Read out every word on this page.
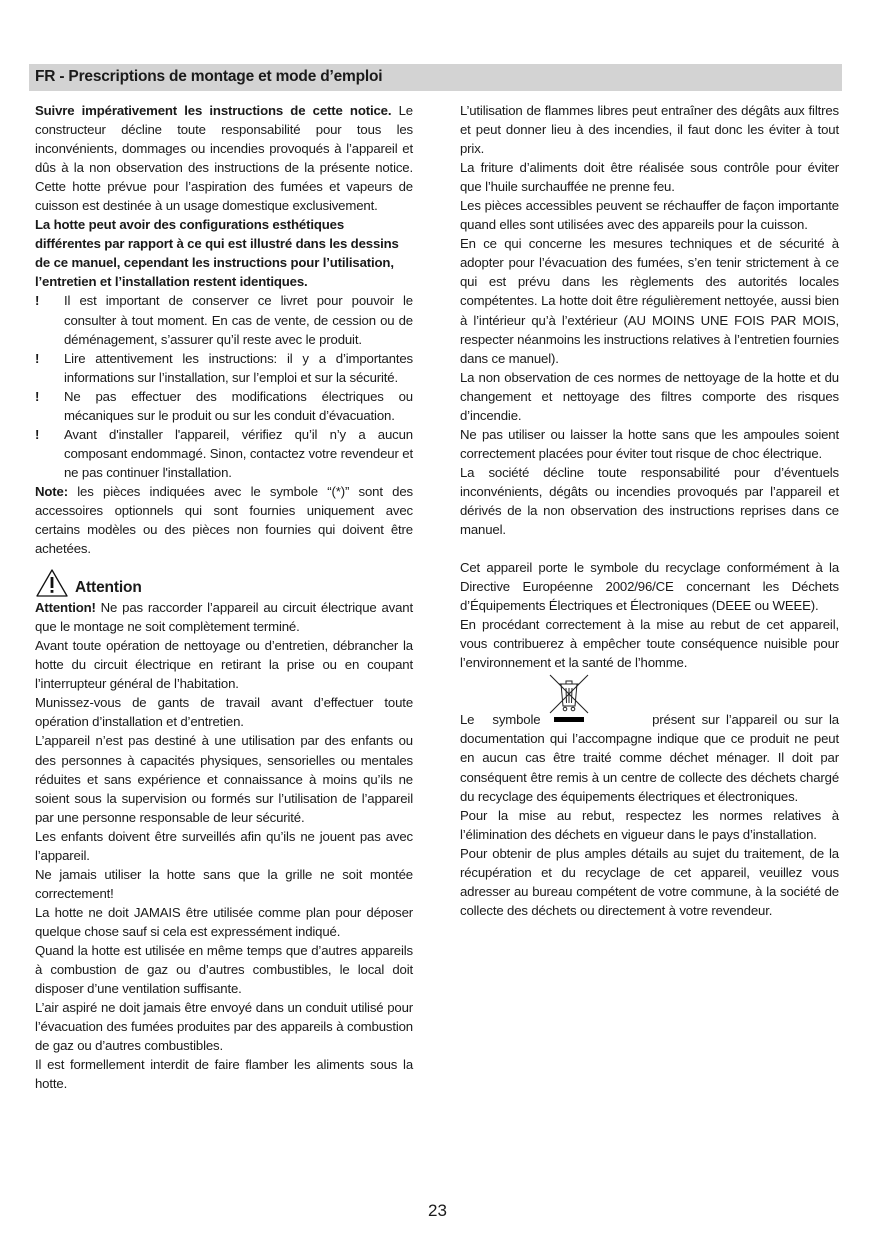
FR - Prescriptions de montage et mode d’emploi

Suivre impérativement les instructions de cette notice. Le constructeur décline toute responsabilité pour tous les inconvénients, dommages ou incendies provoqués à l’appareil et dûs à la non observation des instructions de la présente notice. Cette hotte prévue pour l’aspiration des fumées et vapeurs de cuisson est destinée à un usage domestique exclusivement.

La hotte peut avoir des configurations esthétiques différentes par rapport à ce qui est illustré dans les dessins de ce manuel, cependant les instructions pour l’utilisation, l’entretien et l’installation restent identiques.

!	Il est important de conserver ce livret pour pouvoir le consulter à tout moment. En cas de vente, de cession ou de déménagement, s’assurer qu’il reste avec le produit.
!	Lire attentivement les instructions: il y a d’importantes informations sur l’installation, sur l’emploi et sur la sécurité.
!	Ne pas effectuer des modifications électriques ou mécaniques sur le produit ou sur les conduit d’évacuation.
!	Avant d'installer l'appareil, vérifiez qu’il n’y a aucun composant endommagé. Sinon, contactez votre revendeur et ne pas continuer l'installation.

Note: les pièces indiquées avec le symbole “(*)” sont des accessoires optionnels qui sont fournies uniquement avec certains modèles ou des pièces non fournies qui doivent être achetées.

Attention

Attention! Ne pas raccorder l’appareil au circuit électrique avant que le montage ne soit complètement terminé.

Avant toute opération de nettoyage ou d’entretien, débrancher la hotte du circuit électrique en retirant la prise ou en coupant l’interrupteur général de l’habitation.

Munissez-vous de gants de travail avant d’effectuer toute opération d’installation et d’entretien.

L’appareil n’est pas destiné à une utilisation par des enfants ou des personnes à capacités physiques, sensorielles ou mentales réduites et sans expérience et connaissance à moins qu’ils ne soient sous la supervision ou formés sur l’utilisation de l’appareil par une personne responsable de leur sécurité.

Les enfants doivent être surveillés afin qu’ils ne jouent pas avec l’appareil.

Ne jamais utiliser la hotte sans que la grille ne soit montée correctement!

La hotte ne doit JAMAIS être utilisée comme plan pour déposer quelque chose sauf si cela est expressément indiqué.

Quand la hotte est utilisée en même temps que d’autres appareils à combustion de gaz ou d’autres combustibles, le local doit disposer d’une ventilation suffisante.

L’air aspiré ne doit jamais être envoyé dans un conduit utilisé pour l’évacuation des fumées produites par des appareils à combustion de gaz ou d’autres combustibles.

Il est formellement interdit de faire flamber les aliments sous la hotte.

L’utilisation de flammes libres peut entraîner des dégâts aux filtres et peut donner lieu à des incendies, il faut donc les éviter à tout prix.

La friture d’aliments doit être réalisée sous contrôle pour éviter que l’huile surchauffée ne prenne feu.

Les pièces accessibles peuvent se réchauffer de façon importante quand elles sont utilisées avec des appareils pour la cuisson.

En ce qui concerne les mesures techniques et de sécurité à adopter pour l’évacuation des fumées, s’en tenir strictement à ce qui est prévu dans les règlements des autorités locales compétentes. La hotte doit être régulièrement nettoyée, aussi bien à l’intérieur qu’à l’extérieur (AU MOINS UNE FOIS PAR MOIS, respecter néanmoins les instructions relatives à l’entretien fournies dans ce manuel).

La non observation de ces normes de nettoyage de la hotte et du changement et nettoyage des filtres comporte des risques d’incendie.

Ne pas utiliser ou laisser la hotte sans que les ampoules soient correctement placées pour éviter tout risque de choc électrique.

La société décline toute responsabilité pour d’éventuels inconvénients, dégâts ou incendies provoqués par l’appareil et dérivés de la non observation des instructions reprises dans ce manuel.

Cet appareil porte le symbole du recyclage conformément à la Directive Européenne 2002/96/CE concernant les Déchets d’Équipements Électriques et Électroniques (DEEE ou WEEE).

En procédant correctement à la mise au rebut de cet appareil, vous contribuerez à empêcher toute conséquence nuisible pour l’environnement et la santé de l’homme.

Le symbole	présent sur l’appareil ou sur la

documentation qui l’accompagne indique que ce produit ne peut en aucun cas être traité comme déchet ménager. Il doit par conséquent être remis à un centre de collecte des déchets chargé du recyclage des équipements électriques et électroniques.

Pour la mise au rebut, respectez les normes relatives à l’élimination des déchets en vigueur dans le pays d’installation.

Pour obtenir de plus amples détails au sujet du traitement, de la récupération et du recyclage de cet appareil, veuillez vous adresser au bureau compétent de votre commune, à la société de collecte des déchets ou directement à votre revendeur.

23
